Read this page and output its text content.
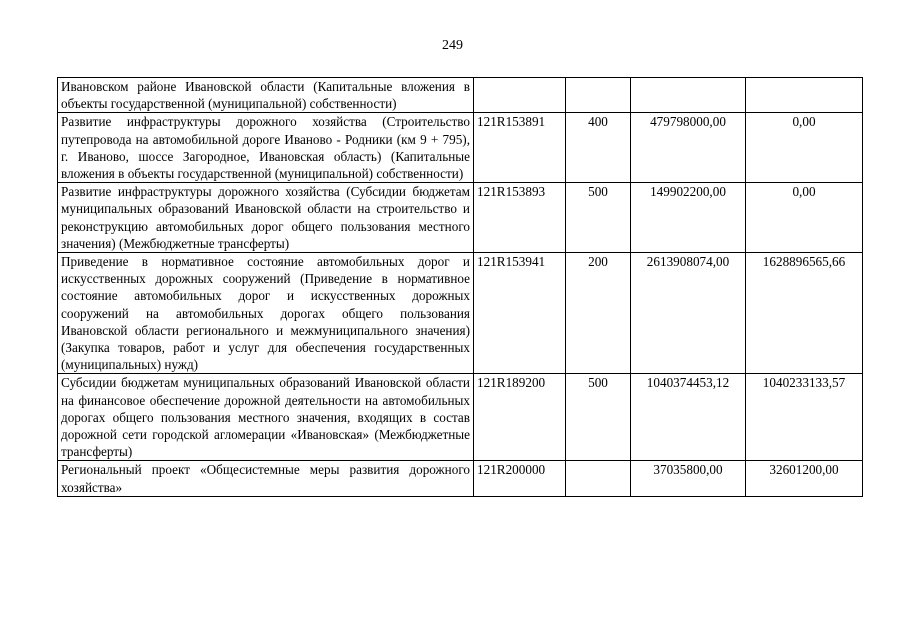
249
Ивановском районе Ивановской области (Капитальные вложения в объекты государственной (муниципальной) собственности)				
Развитие инфраструктуры дорожного хозяйства (Строительство путепровода на автомобильной дороге Иваново - Родники (км 9 + 795), г. Иваново, шоссе Загородное, Ивановская область) (Капитальные вложения в объекты государственной (муниципальной) собственности)	121R153891	400	479798000,00	0,00
Развитие инфраструктуры дорожного хозяйства (Субсидии бюджетам муниципальных образований Ивановской области на строительство и реконструкцию автомобильных дорог общего пользования местного значения) (Межбюджетные трансферты)	121R153893	500	149902200,00	0,00
Приведение в нормативное состояние автомобильных дорог и искусственных дорожных сооружений (Приведение в нормативное состояние автомобильных дорог и искусственных дорожных сооружений на автомобильных дорогах общего пользования Ивановской области регионального и межмуниципального значения) (Закупка товаров, работ и услуг для обеспечения государственных (муниципальных) нужд)	121R153941	200	2613908074,00	1628896565,66
Субсидии бюджетам муниципальных образований Ивановской области на финансовое обеспечение дорожной деятельности на автомобильных дорогах общего пользования местного значения, входящих в состав дорожной сети городской агломерации «Ивановская» (Межбюджетные трансферты)	121R189200	500	1040374453,12	1040233133,57
Региональный проект «Общесистемные меры развития дорожного хозяйства»	121R200000		37035800,00	32601200,00
